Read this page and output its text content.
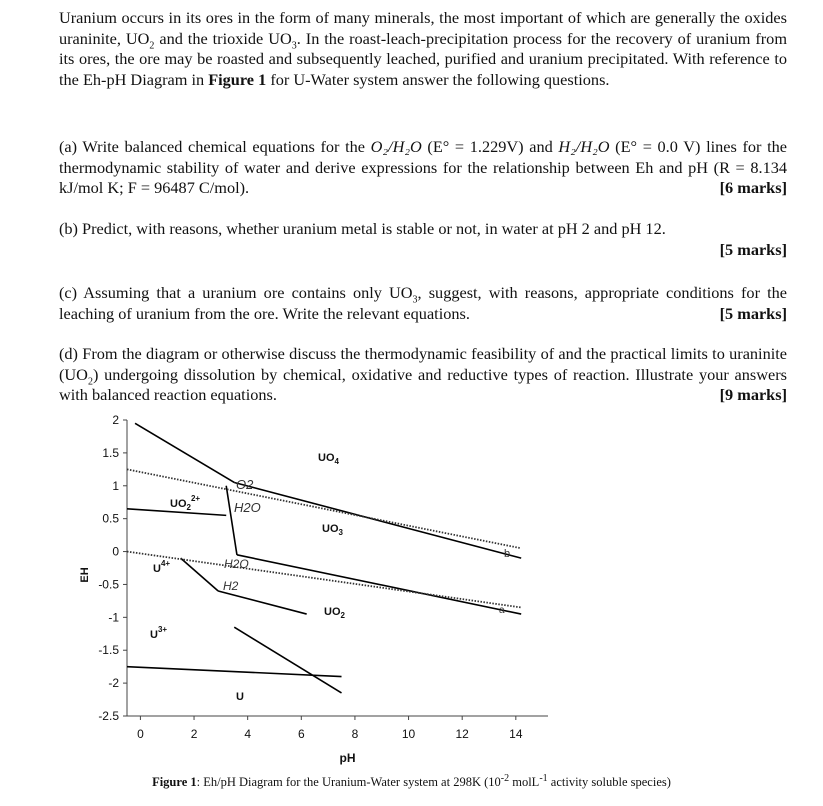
Uranium occurs in its ores in the form of many minerals, the most important of which are generally the oxides uraninite, $UO_2$ and the trioxide $UO_3$. In the roast-leach-precipitation process for the recovery of uranium from its ores, the ore may be roasted and subsequently leached, purified and uranium precipitated. With reference to the Eh-pH Diagram in Figure 1 for U-Water system answer the following questions.

(a) Write balanced chemical equations for the O₂/H₂O (E° = 1.229V) and H₂/H₂O (E° = 0.0 V) lines for the thermodynamic stability of water and derive expressions for the relationship between Eh and pH (R = 8.134 kJ/mol K; F = 96487 C/mol).	[6 marks]

(b) Predict, with reasons, whether uranium metal is stable or not, in water at pH 2 and pH 12.

[5 marks]

(c) Assuming that a uranium ore contains only $UO_3$, suggest, with reasons, appropriate conditions for the leaching of uranium from the ore. Write the relevant equations.	[5 marks]

(d) From the diagram or otherwise discuss the thermodynamic feasibility of and the practical limits to uraninite $(UO_2)$ undergoing dissolution by chemical, oxidative and reductive types of reaction. Illustrate your answers with balanced reaction equations.	[9 marks]

2
1.5
1
0.5
0
-0.5
-1
-1.5
-2
-2.5
0	2	4	6	8	10	12	14
pH
EH
$UO_4$
$UO_2^{2+}$
$UO_3$
$U^{4+}$
$UO_2$
$U^{3+}$
U
b
a
O2
H2O
H2O
H2
Figure 1: Eh/pH Diagram for the Uranium-Water system at 298K ($10^{-2}$ molL$^{-1}$ activity soluble species)
